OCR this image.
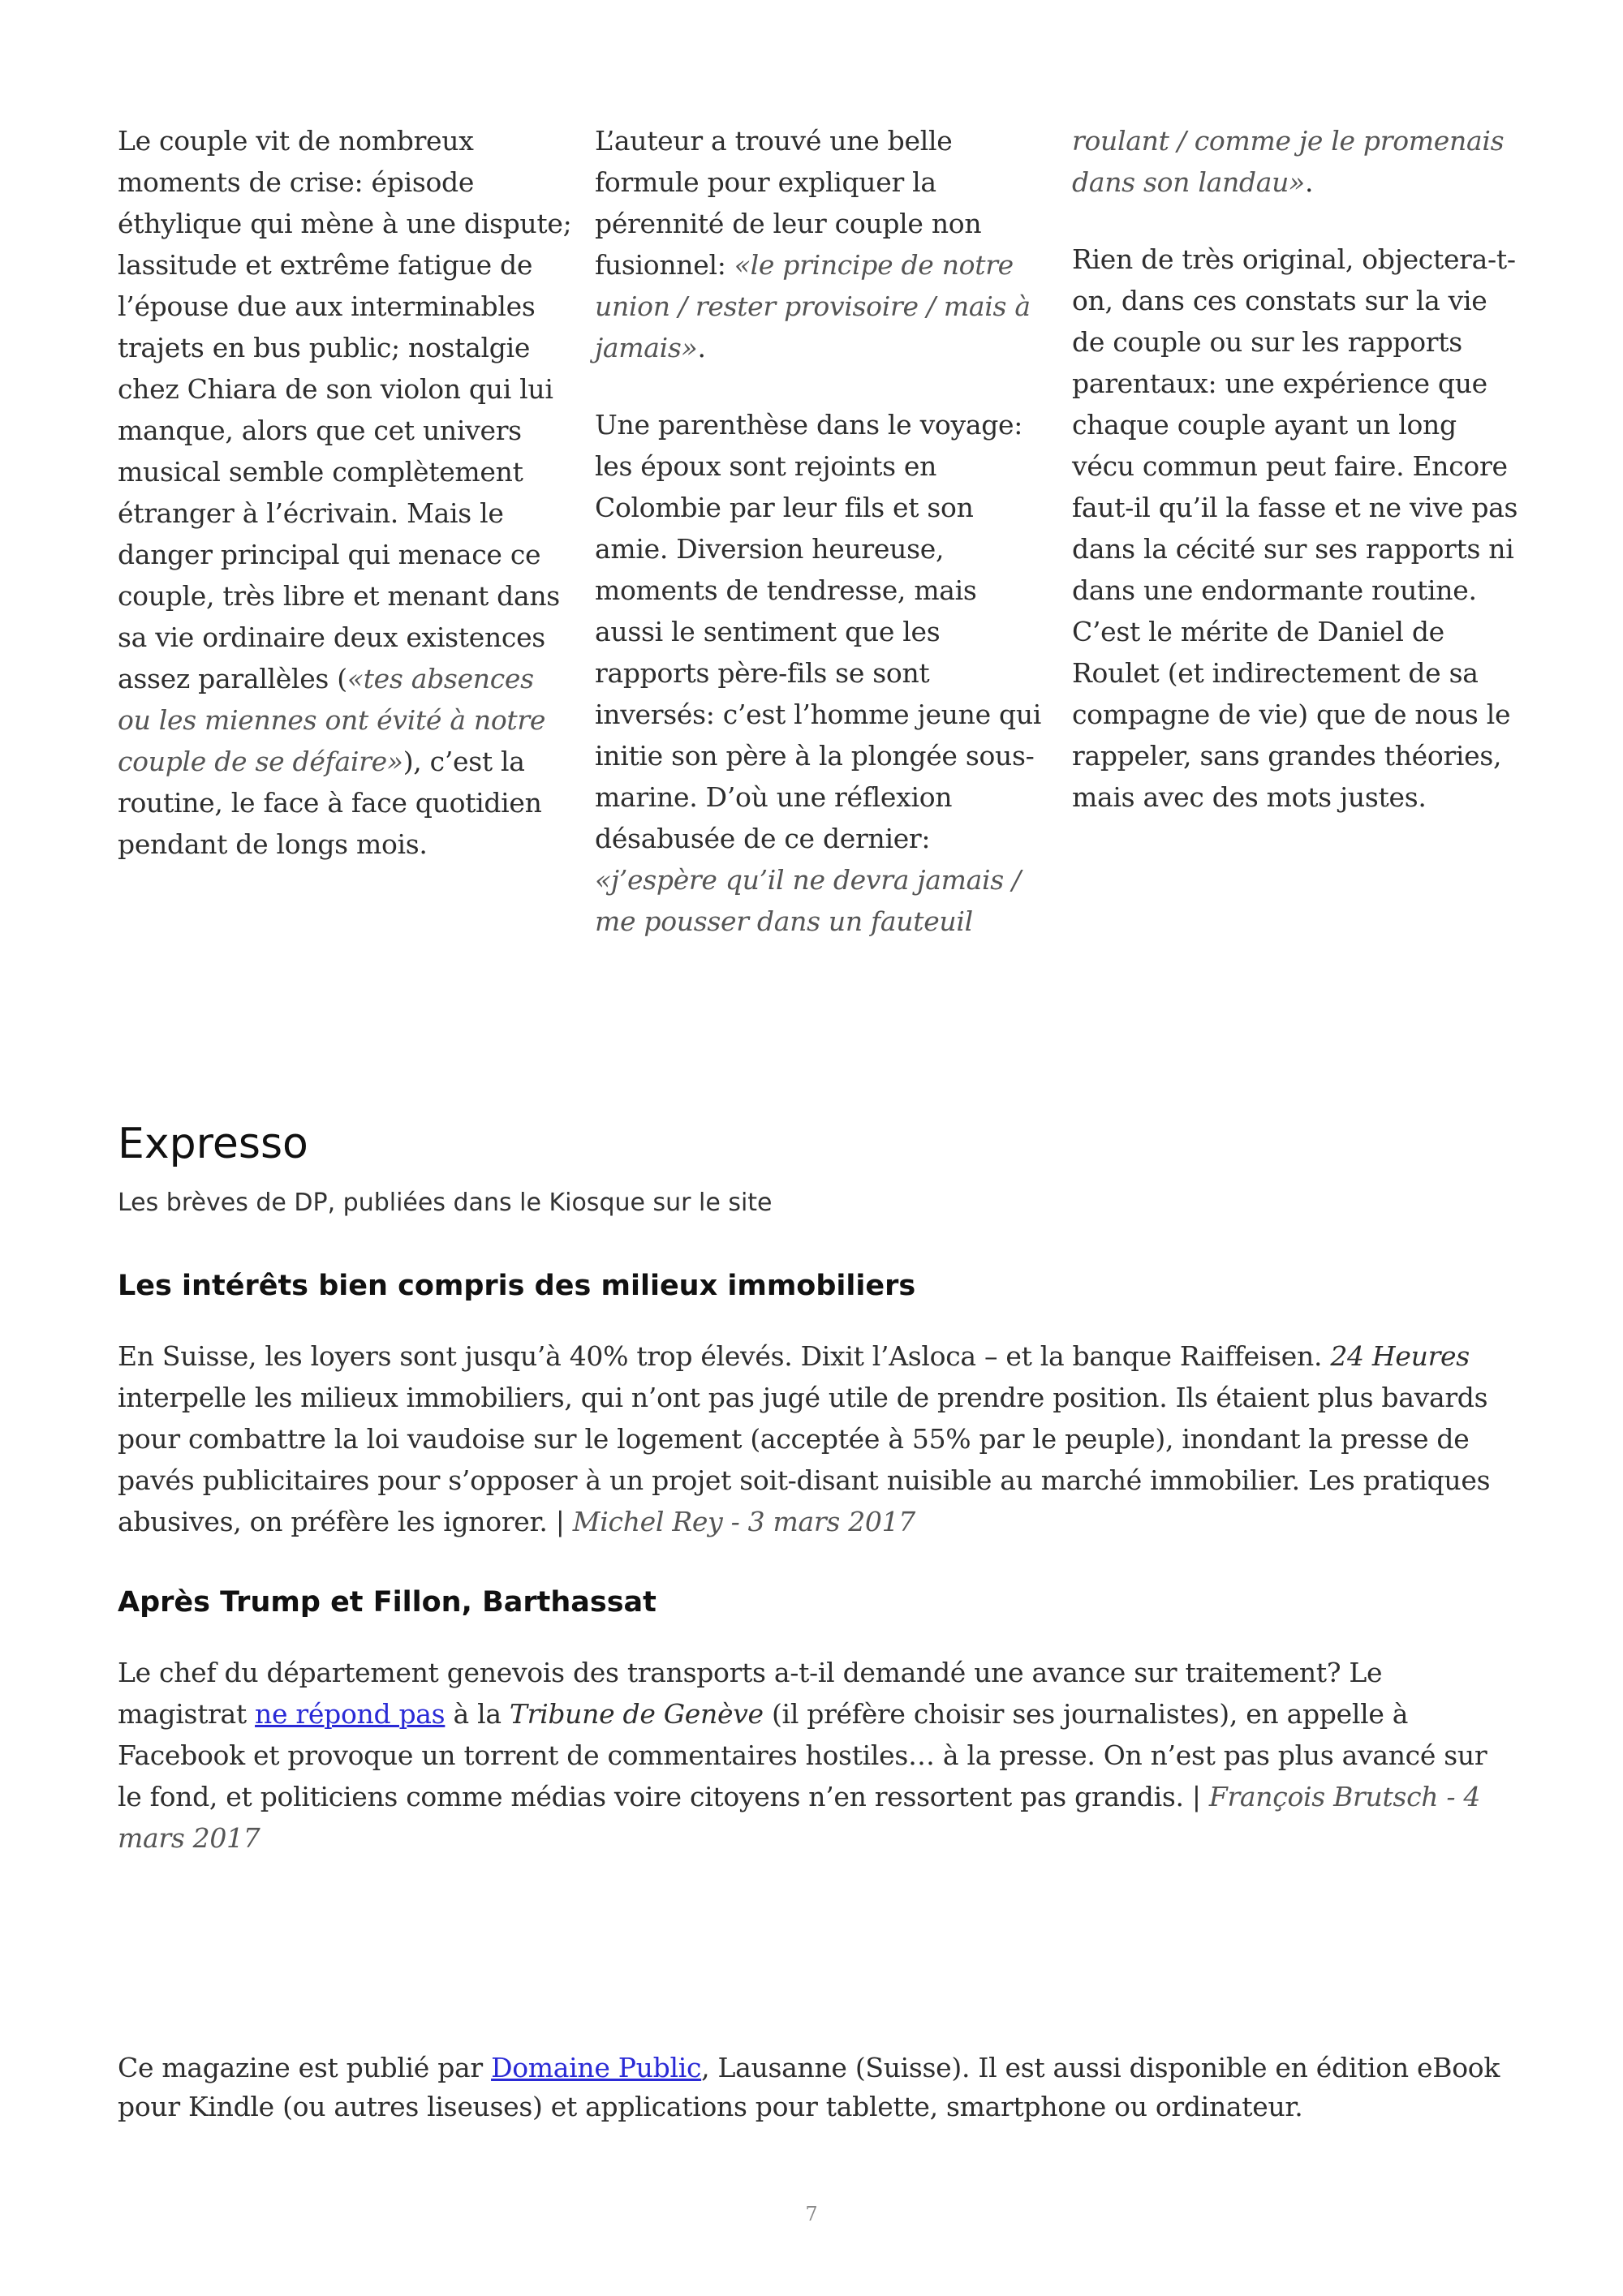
Le couple vit de nombreux moments de crise: épisode éthylique qui mène à une dispute; lassitude et extrême fatigue de l’épouse due aux interminables trajets en bus public; nostalgie chez Chiara de son violon qui lui manque, alors que cet univers musical semble complètement étranger à l’écrivain. Mais le danger principal qui menace ce couple, très libre et menant dans sa vie ordinaire deux existences assez parallèles («tes absences ou les miennes ont évité à notre couple de se défaire»), c’est la routine, le face à face quotidien pendant de longs mois.

L’auteur a trouvé une belle formule pour expliquer la pérennité de leur couple non fusionnel: «le principe de notre union / rester provisoire / mais à jamais».

Une parenthèse dans le voyage: les époux sont rejoints en Colombie par leur fils et son amie. Diversion heureuse, moments de tendresse, mais aussi le sentiment que les rapports père-fils se sont inversés: c’est l’homme jeune qui initie son père à la plongée sous-marine. D’où une réflexion désabusée de ce dernier: «j’espère qu’il ne devra jamais / me pousser dans un fauteuil

roulant / comme je le promenais dans son landau».

Rien de très original, objectera-t-on, dans ces constats sur la vie de couple ou sur les rapports parentaux: une expérience que chaque couple ayant un long vécu commun peut faire. Encore faut-il qu’il la fasse et ne vive pas dans la cécité sur ses rapports ni dans une endormante routine. C’est le mérite de Daniel de Roulet (et indirectement de sa compagne de vie) que de nous le rappeler, sans grandes théories, mais avec des mots justes.

Expresso

Les brèves de DP, publiées dans le Kiosque sur le site

Les intérêts bien compris des milieux immobiliers

En Suisse, les loyers sont jusqu’à 40% trop élevés. Dixit l’Asloca – et la banque Raiffeisen. 24 Heures interpelle les milieux immobiliers, qui n’ont pas jugé utile de prendre position. Ils étaient plus bavards pour combattre la loi vaudoise sur le logement (acceptée à 55% par le peuple), inondant la presse de pavés publicitaires pour s’opposer à un projet soit-disant nuisible au marché immobilier. Les pratiques abusives, on préfère les ignorer. | Michel Rey - 3 mars 2017

Après Trump et Fillon, Barthassat

Le chef du département genevois des transports a-t-il demandé une avance sur traitement? Le magistrat ne répond pas à la Tribune de Genève (il préfère choisir ses journalistes), en appelle à Facebook et provoque un torrent de commentaires hostiles… à la presse. On n’est pas plus avancé sur le fond, et politiciens comme médias voire citoyens n’en ressortent pas grandis. | François Brutsch - 4 mars 2017

Ce magazine est publié par Domaine Public, Lausanne (Suisse). Il est aussi disponible en édition eBook pour Kindle (ou autres liseuses) et applications pour tablette, smartphone ou ordinateur.
7
